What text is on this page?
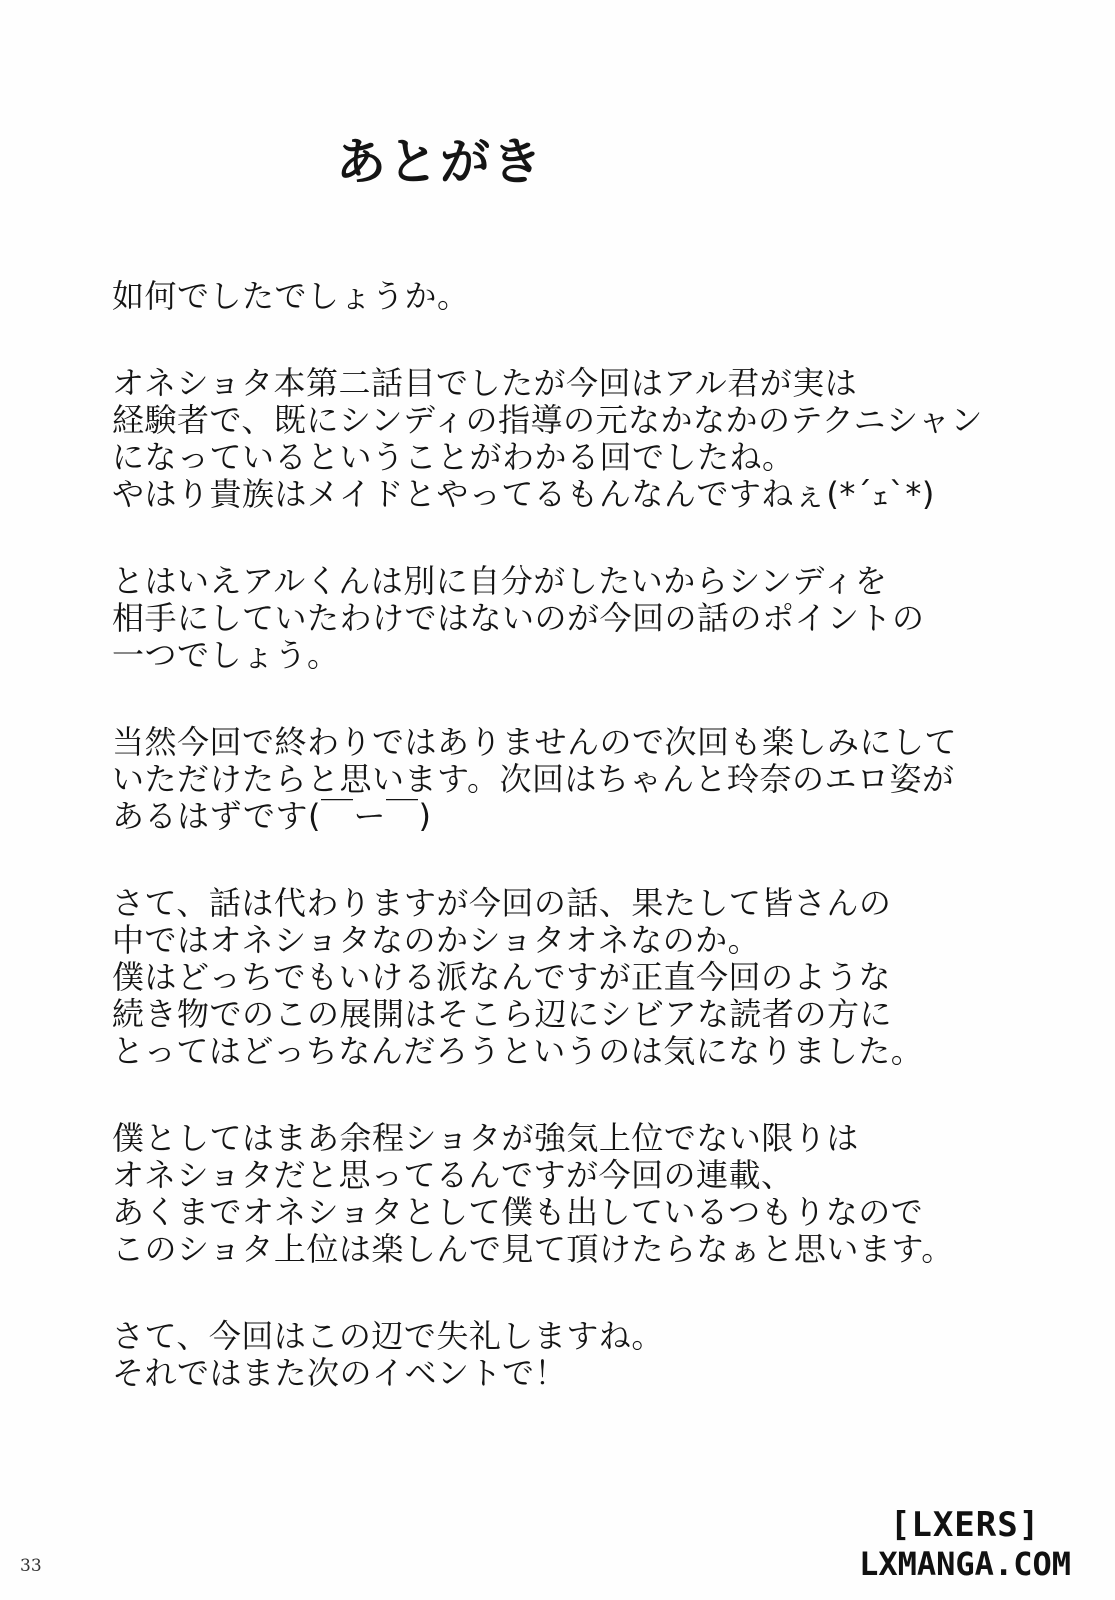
あとがき
如何でしたでしょうか。
オネショタ本第二話目でしたが今回はアル君が実は
経験者で、既にシンディの指導の元なかなかのテクニシャン
になっているということがわかる回でしたね。
やはり貴族はメイドとやってるもんなんですねぇ(*´ｪ`*)
とはいえアルくんは別に自分がしたいからシンディを
相手にしていたわけではないのが今回の話のポイントの
一つでしょう。
当然今回で終わりではありませんので次回も楽しみにして
いただけたらと思います。次回はちゃんと玲奈のエロ姿が
あるはずです(￣ー￣)
さて、話は代わりますが今回の話、果たして皆さんの
中ではオネショタなのかショタオネなのか。
僕はどっちでもいける派なんですが正直今回のような
続き物でのこの展開はそこら辺にシビアな読者の方に
とってはどっちなんだろうというのは気になりました。
僕としてはまあ余程ショタが強気上位でない限りは
オネショタだと思ってるんですが今回の連載、
あくまでオネショタとして僕も出しているつもりなので
このショタ上位は楽しんで見て頂けたらなぁと思います。
さて、今回はこの辺で失礼しますね。
それではまた次のイベントで！
33
[LXERS]
LXMANGA.COM
